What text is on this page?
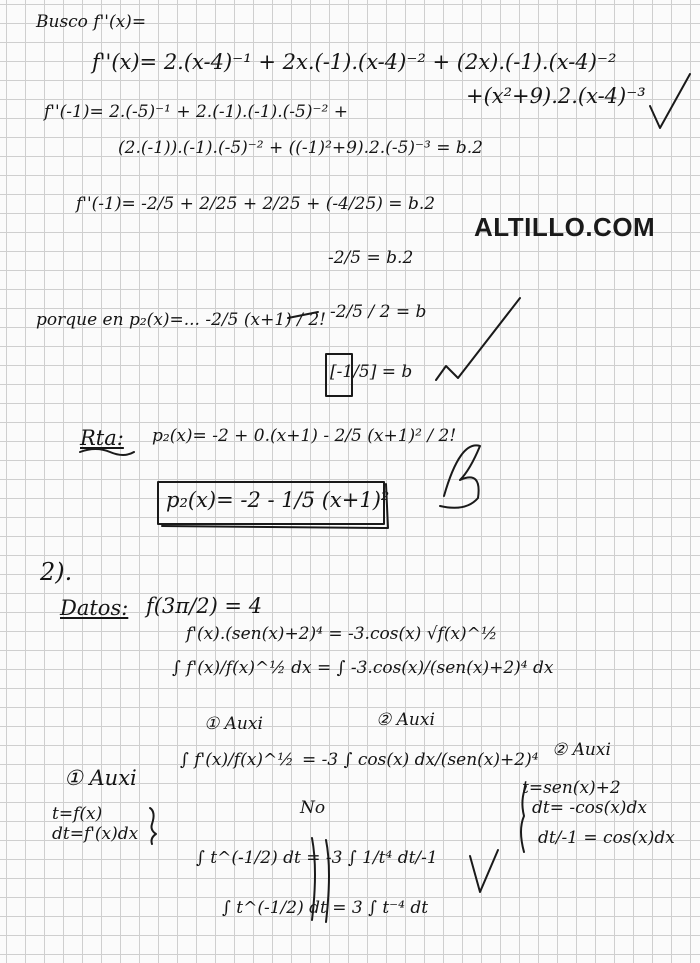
Busco f''(x)=
f''(x)= 2.(x-4)⁻¹ + 2x.(-1).(x-4)⁻² + (2x).(-1).(x-4)⁻²
+(x²+9).2.(x-4)⁻³
f''(-1)= 2.(-5)⁻¹ + 2.(-1).(-1).(-5)⁻² +
(2.(-1)).(-1).(-5)⁻² + ((-1)²+9).2.(-5)⁻³ = b.2
f''(-1)= -2/5 + 2/25 + 2/25 + (-4/25) = b.2
ALTILLO.COM
-2/5 = b.2
porque en p₂(x)=... -2/5 (x+1) / 2! -2/5 / 2 = b
[-1/5] = b
Rta: p₂(x)= -2 + 0.(x+1) - 2/5 (x+1)² / 2!
p₂(x)= -2 - 1/5 (x+1)²
2).
Datos: f(3π/2) = 4
f'(x).(sen(x)+2)⁴ = -3.cos(x) √f(x)^½
∫ f'(x)/f(x)^½ dx = ∫ -3.cos(x)/(sen(x)+2)⁴ dx
① Auxi	② Auxi
② Auxi
① Auxi
∫ f'(x)/f(x)^½ = -3 ∫ cos(x) dx/(sen(x)+2)⁴
t=sen(x)+2
t=f(x)
dt=f'(x)dx
dt= -cos(x)dx
No
dt/-1 = cos(x)dx
∫ t^(-1/2) dt = -3 ∫ 1/t⁴ dt/-1
∫ t^(-1/2) dt = 3 ∫ t⁻⁴ dt
